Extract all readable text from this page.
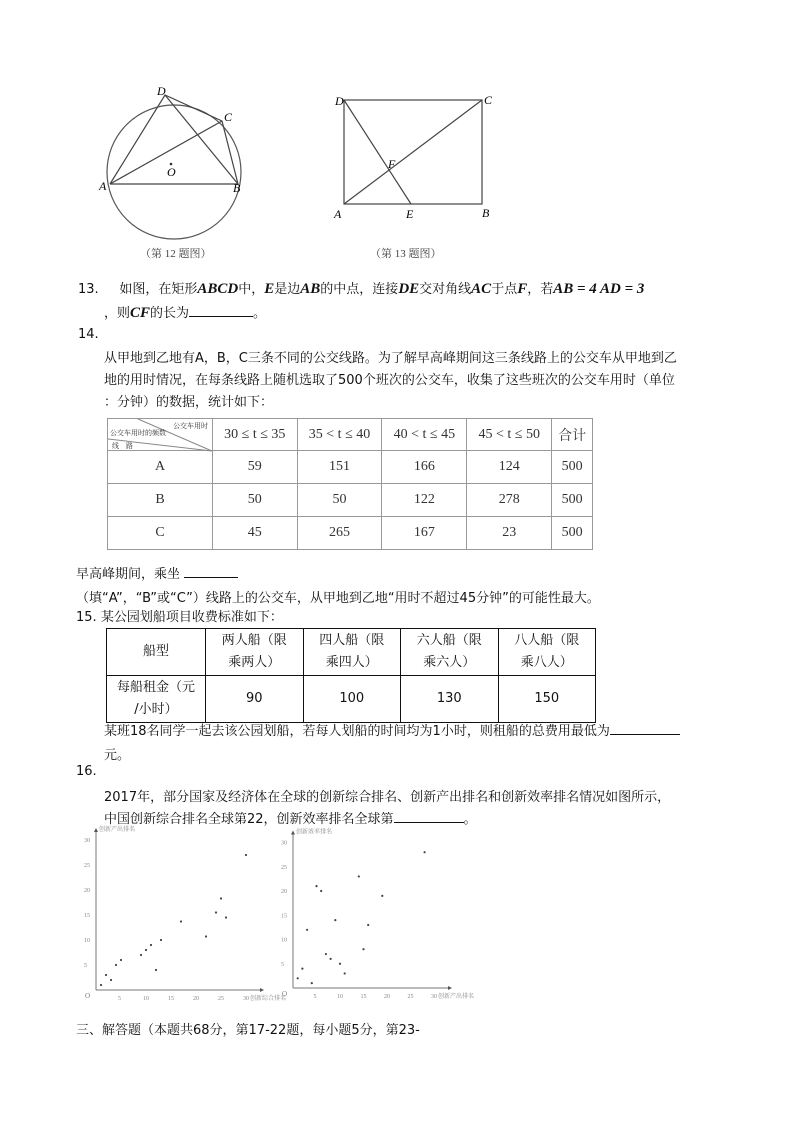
D
C
A	B
O
（第 12 题图）
D	C
A	E	B
F
（第 13 题图）
13. 如图，在矩形ABCD中，E是边AB的中点，连接DE交对角线AC于点F，若AB = 4 AD = 3
，则CF的长为	。
14.
从甲地到乙地有A，B，C三条不同的公交线路。为了解早高峰期间这三条线路上的公交车从甲地到乙
地的用时情况，在每条线路上随机选取了500个班次的公交车，收集了这些班次的公交车用时（单位
：分钟）的数据，统计如下：
公交车用时
公交车用时的频数
线　路	30 ≤ t ≤ 35	35 < t ≤ 40	40 < t ≤ 45	45 < t ≤ 50	合计
A	59	151	166	124	500
B	50	50	122	278	500
C	45	265	167	23	500
早高峰期间，乘坐
（填“A”，“B”或“C”）线路上的公交车，从甲地到乙地“用时不超过45分钟”的可能性最大。
15. 某公园划船项目收费标准如下：
船型	两人船（限
乘两人）	四人船（限
乘四人）	六人船（限
乘六人）	八人船（限
乘八人）
每船租金（元
/小时）	90	100	130	150
某班18名同学一起去该公园划船，若每人划船的时间均为1小时，则租船的总费用最低为
元。
16.
2017年，部分国家及经济体在全球的创新综合排名、创新产出排名和创新效率排名情况如图所示，
中国创新综合排名全球第22，创新效率排名全球第	。
O	5	10	15	20	25	30
5
10
15
20
25
30
创新综合排名
创新产出排名
O	5	10	15	20	25	30
5
10
15
20
25
30
创新产出排名
创新效率排名
三、解答题（本题共68分，第17-22题，每小题5分，第23-
